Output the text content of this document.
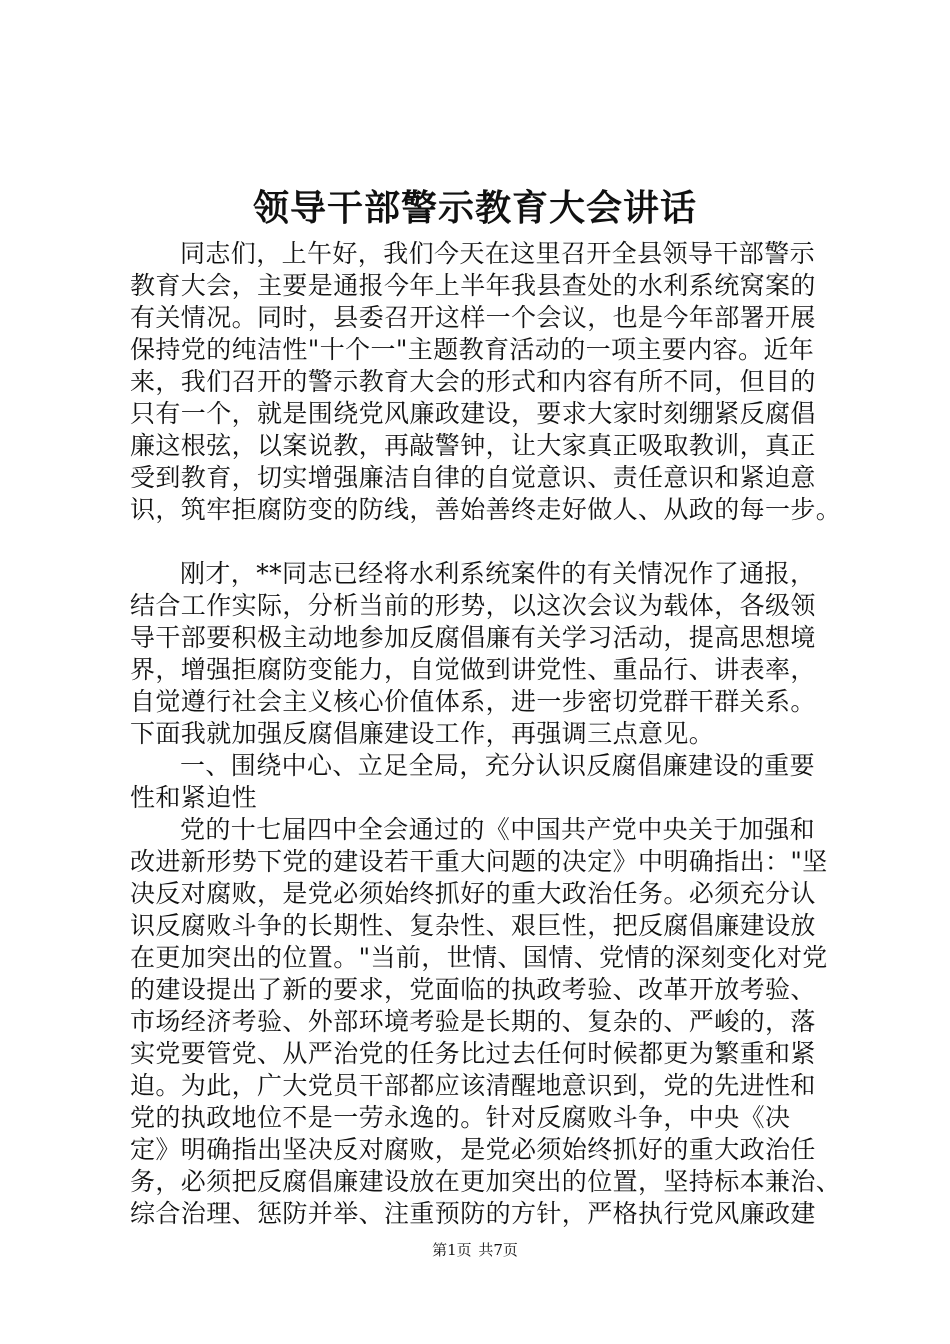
领导干部警示教育大会讲话
同志们，上午好，我们今天在这里召开全县领导干部警示
教育大会，主要是通报今年上半年我县查处的水利系统窝案的
有关情况。同时，县委召开这样一个会议，也是今年部署开展
保持党的纯洁性"十个一"主题教育活动的一项主要内容。近年
来，我们召开的警示教育大会的形式和内容有所不同，但目的
只有一个，就是围绕党风廉政建设，要求大家时刻绷紧反腐倡
廉这根弦，以案说教，再敲警钟，让大家真正吸取教训，真正
受到教育，切实增强廉洁自律的自觉意识、责任意识和紧迫意
识，筑牢拒腐防变的防线，善始善终走好做人、从政的每一步。
刚才，**同志已经将水利系统案件的有关情况作了通报，
结合工作实际，分析当前的形势，以这次会议为载体，各级领
导干部要积极主动地参加反腐倡廉有关学习活动，提高思想境
界，增强拒腐防变能力，自觉做到讲党性、重品行、讲表率，
自觉遵行社会主义核心价值体系，进一步密切党群干群关系。
下面我就加强反腐倡廉建设工作，再强调三点意见。
一、围绕中心、立足全局，充分认识反腐倡廉建设的重要
性和紧迫性
党的十七届四中全会通过的《中国共产党中央关于加强和
改进新形势下党的建设若干重大问题的决定》中明确指出："坚
决反对腐败，是党必须始终抓好的重大政治任务。必须充分认
识反腐败斗争的长期性、复杂性、艰巨性，把反腐倡廉建设放
在更加突出的位置。"当前，世情、国情、党情的深刻变化对党
的建设提出了新的要求，党面临的执政考验、改革开放考验、
市场经济考验、外部环境考验是长期的、复杂的、严峻的，落
实党要管党、从严治党的任务比过去任何时候都更为繁重和紧
迫。为此，广大党员干部都应该清醒地意识到，党的先进性和
党的执政地位不是一劳永逸的。针对反腐败斗争，中央《决
定》明确指出坚决反对腐败，是党必须始终抓好的重大政治任
务，必须把反腐倡廉建设放在更加突出的位置，坚持标本兼治、
综合治理、惩防并举、注重预防的方针，严格执行党风廉政建
第1页 共7页
